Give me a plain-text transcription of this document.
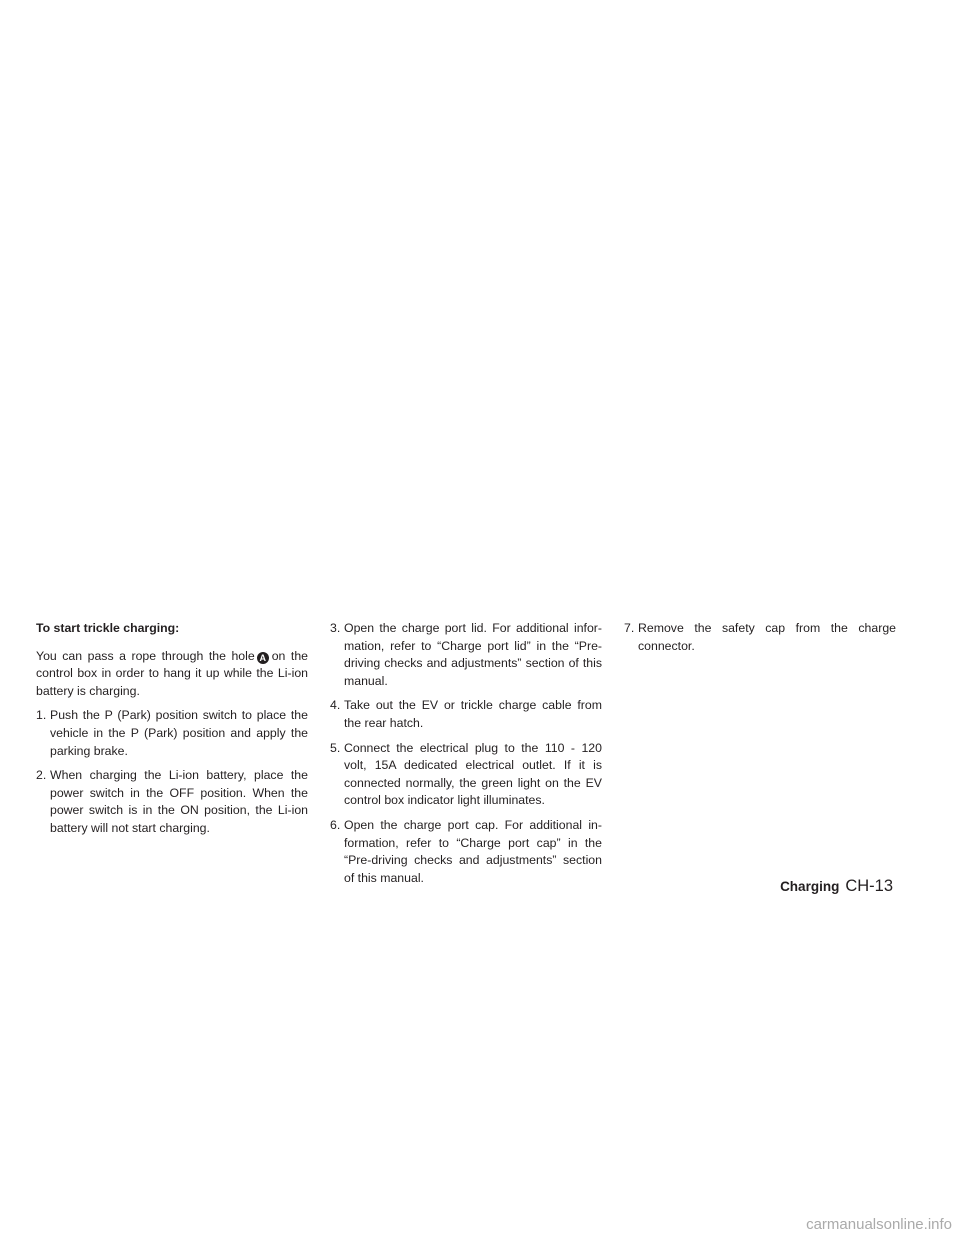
To start trickle charging:

You can pass a rope through the hole A on the control box in order to hang it up while the Li-ion battery is charging.

1. Push the P (Park) position switch to place the vehicle in the P (Park) position and apply the parking brake.
2. When charging the Li-ion battery, place the power switch in the OFF position. When the power switch is in the ON position, the Li-ion battery will not start charging.
3. Open the charge port lid. For additional infor- mation, refer to “Charge port lid” in the “Pre- driving checks and adjustments” section of this manual.
4. Take out the EV or trickle charge cable from the rear hatch.
5. Connect the electrical plug to the 110 - 120 volt, 15A dedicated electrical outlet. If it is connected normally, the green light on the EV control box indicator light illuminates.
6. Open the charge port cap. For additional in- formation, refer to “Charge port cap” in the “Pre-driving checks and adjustments” section of this manual.
7. Remove the safety cap from the charge connector.
Charging CH-13
carmanualsonline.info
